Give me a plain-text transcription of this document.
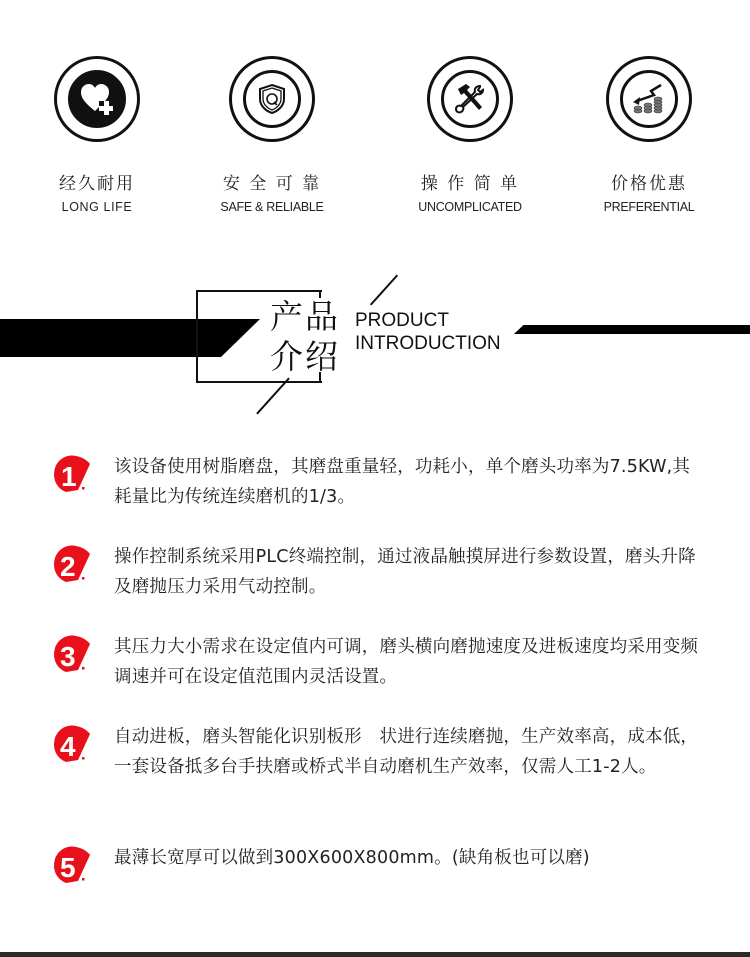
经久耐用
LONG LIFE
安 全 可 靠
SAFE & RELIABLE
操 作 简 单
UNCOMPLICATED
价格优惠
PREFERENTIAL
产品
介绍
PRODUCT
INTRODUCTION
1 该设备使用树脂磨盘，其磨盘重量轻，功耗小，单个磨头功率为7.5KW,其耗量比为传统连续磨机的1/3。
2 操作控制系统采用PLC终端控制，通过液晶触摸屏进行参数设置，磨头升降及磨抛压力采用气动控制。
3 其压力大小需求在设定值内可调，磨头横向磨抛速度及进板速度均采用变频调速并可在设定值范围内灵活设置。
4 自动进板，磨头智能化识别板形　状进行连续磨抛，生产效率高，成本低，　一套设备抵多台手扶磨或桥式半自动磨机生产效率，仅需人工1-2人。
5 最薄长宽厚可以做到300X600X800mm。(缺角板也可以磨)
